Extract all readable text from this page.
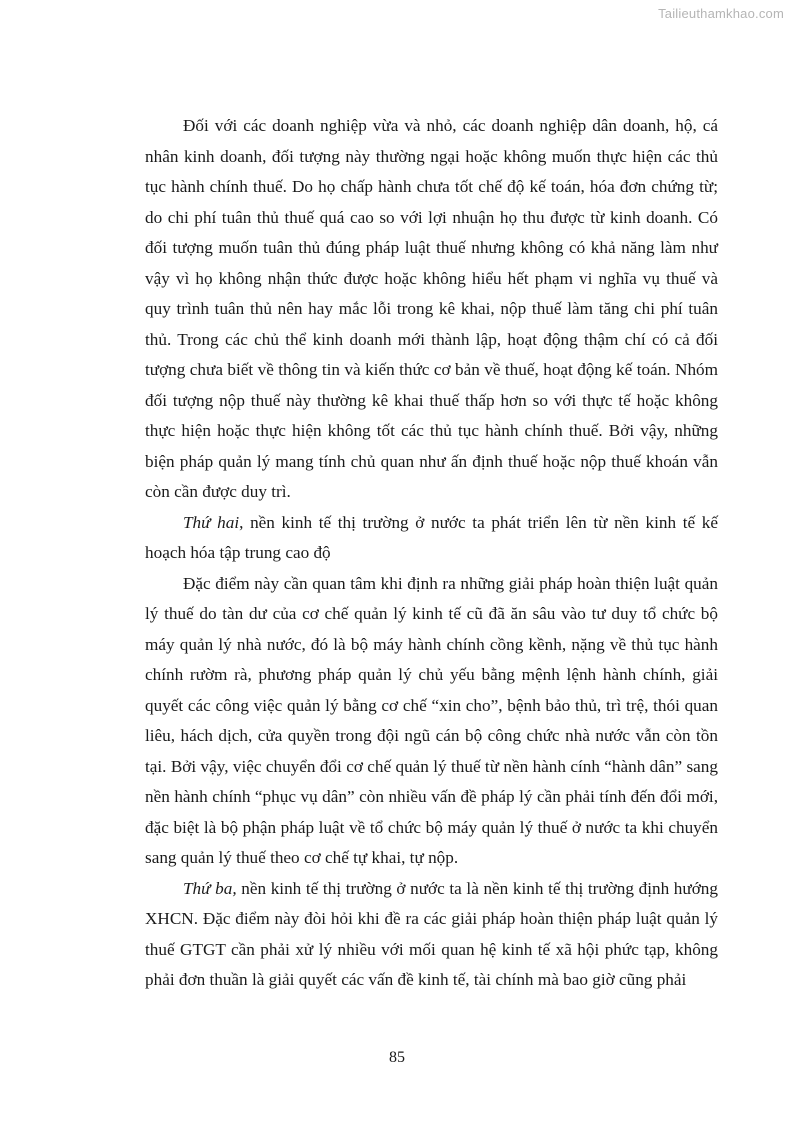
Tailieuthamkhao.com

Đối với các doanh nghiệp vừa và nhỏ, các doanh nghiệp dân doanh, hộ, cá nhân kinh doanh, đối tượng này thường ngại hoặc không muốn thực hiện các thủ tục hành chính thuế. Do họ chấp hành chưa tốt chế độ kế toán, hóa đơn chứng từ; do chi phí tuân thủ thuế quá cao so với lợi nhuận họ thu được từ kinh doanh. Có đối tượng muốn tuân thủ đúng pháp luật thuế nhưng không có khả năng làm như vậy vì họ không nhận thức được hoặc không hiểu hết phạm vi nghĩa vụ thuế và quy trình tuân thủ nên hay mắc lỗi trong kê khai, nộp thuế làm tăng chi phí tuân thủ. Trong các chủ thể kinh doanh mới thành lập, hoạt động thậm chí có cả đối tượng chưa biết về thông tin và kiến thức cơ bản về thuế, hoạt động kế toán. Nhóm đối tượng nộp thuế này thường kê khai thuế thấp hơn so với thực tế hoặc không thực hiện hoặc thực hiện không tốt các thủ tục hành chính thuế. Bởi vậy, những biện pháp quản lý mang tính chủ quan như ấn định thuế hoặc nộp thuế khoán vẫn còn cần được duy trì.

Thứ hai, nền kinh tế thị trường ở nước ta phát triển lên từ nền kinh tế kế hoạch hóa tập trung cao độ

Đặc điểm này cần quan tâm khi định ra những giải pháp hoàn thiện luật quản lý thuế do tàn dư của cơ chế quản lý kinh tế cũ đã ăn sâu vào tư duy tổ chức bộ máy quản lý nhà nước, đó là bộ máy hành chính cồng kềnh, nặng về thủ tục hành chính rườm rà, phương pháp quản lý chủ yếu bằng mệnh lệnh hành chính, giải quyết các công việc quản lý bằng cơ chế “xin cho”, bệnh bảo thủ, trì trệ, thói quan liêu, hách dịch, cửa quyền trong đội ngũ cán bộ công chức nhà nước vẫn còn tồn tại. Bởi vậy, việc chuyển đổi cơ chế quản lý thuế từ nền hành cính “hành dân” sang nền hành chính “phục vụ dân” còn nhiều vấn đề pháp lý cần phải tính đến đổi mới, đặc biệt là bộ phận pháp luật về tổ chức bộ máy quản lý thuế ở nước ta khi chuyển sang quản lý thuế theo cơ chế tự khai, tự nộp.

Thứ ba, nền kinh tế thị trường ở nước ta là nền kinh tế thị trường định hướng XHCN. Đặc điểm này đòi hỏi khi đề ra các giải pháp hoàn thiện pháp luật quản lý thuế GTGT cần phải xử lý nhiều với mối quan hệ kinh tế xã hội phức tạp, không phải đơn thuần là giải quyết các vấn đề kinh tế, tài chính mà bao giờ cũng phải

85
